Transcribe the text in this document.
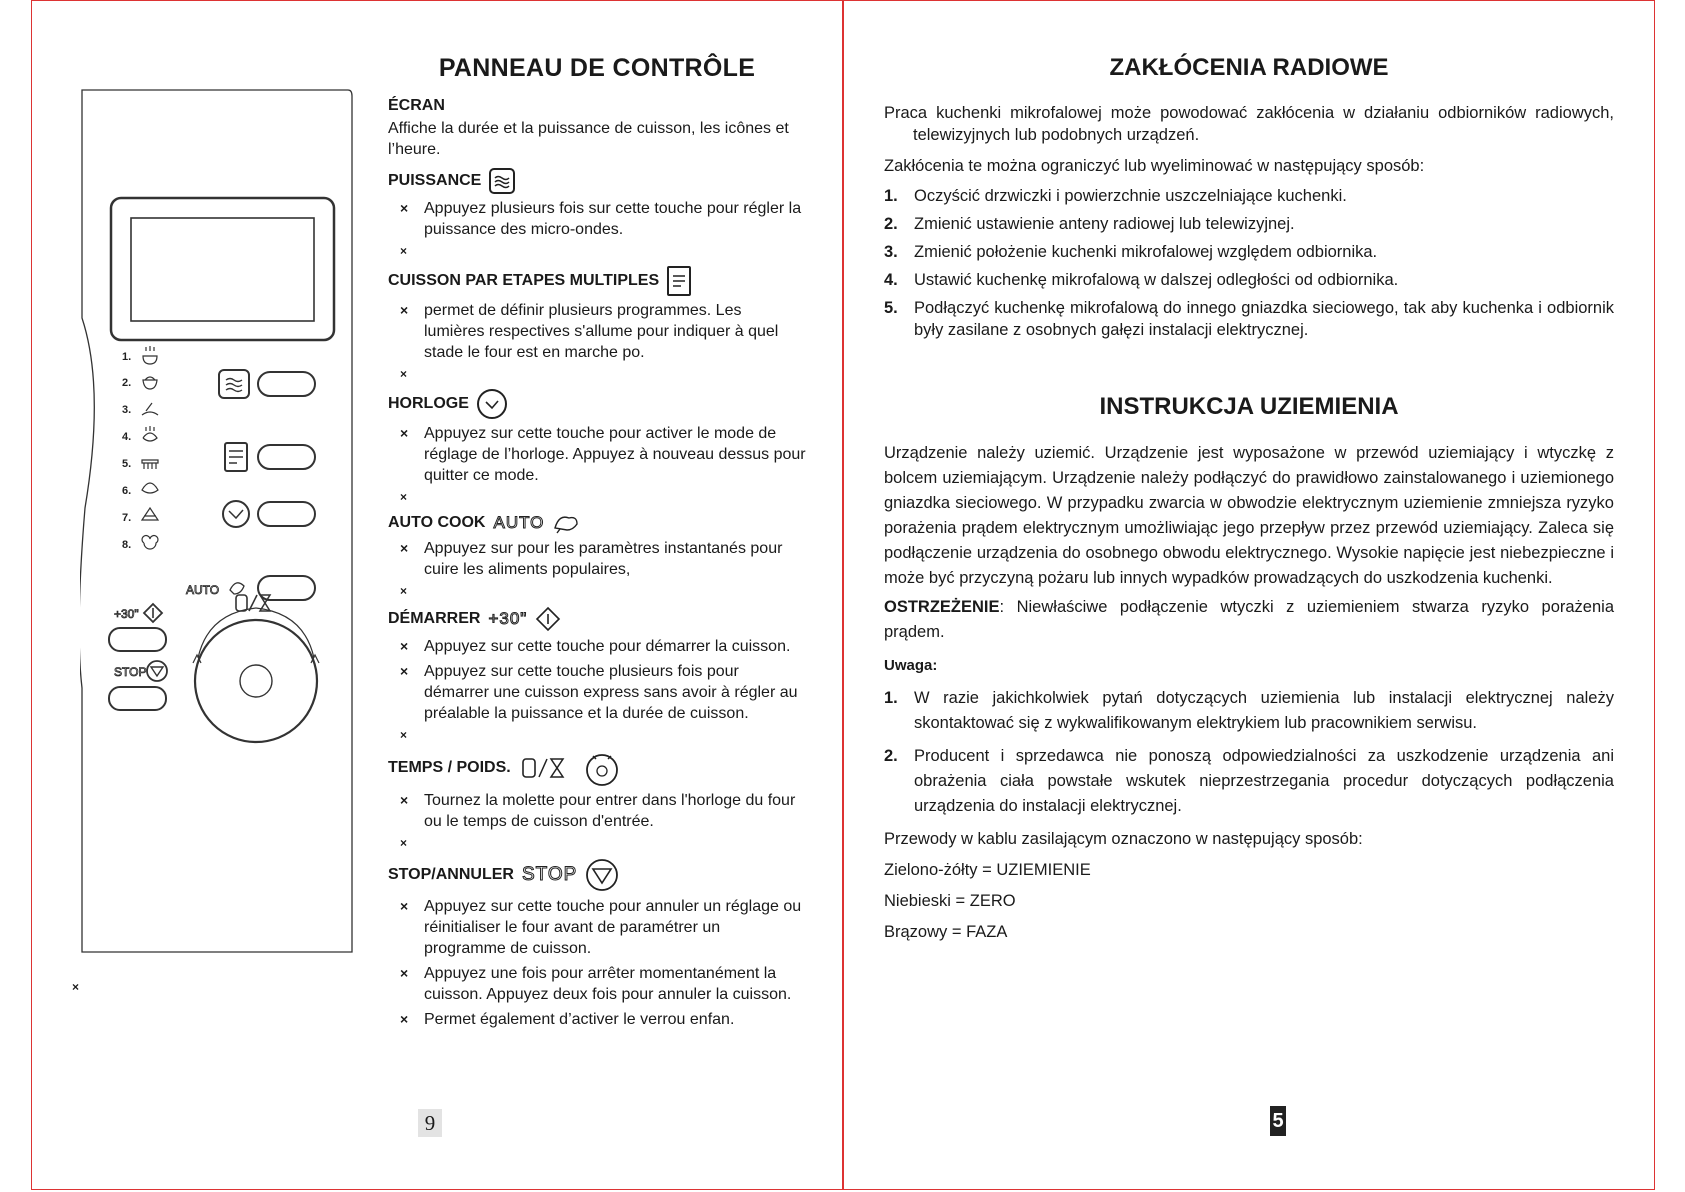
1.
2.
3.
4.
5.
6.
7.
8.
AUTO
+30"
STOP
×
PANNEAU DE CONTRÔLE
ÉCRAN
Affiche la durée et la puissance de cuisson, les icônes et l’heure.
PUISSANCE
× Appuyez plusieurs fois sur cette touche pour régler la puissance des micro-ondes.
×
CUISSON PAR ETAPES MULTIPLES
× permet de définir plusieurs programmes. Les lumières respectives s'allume pour indiquer à quel stade le four est en marche po.
×
HORLOGE
× Appuyez sur cette touche pour activer le mode de réglage de l’horloge. Appuyez à nouveau dessus pour quitter ce mode.
×
AUTO COOK AUTO
× Appuyez sur pour les paramètres instantanés pour cuire les aliments populaires,
×
DÉMARRER +30"
× Appuyez sur cette touche pour démarrer la cuisson.
× Appuyez sur cette touche plusieurs fois pour démarrer une cuisson express sans avoir à régler au préalable la puissance et la durée de cuisson.
×
TEMPS / POIDS.
× Tournez la molette pour entrer dans l'horloge du four ou le temps de cuisson d'entrée.
×
STOP/ANNULER STOP
× Appuyez sur cette touche pour annuler un réglage ou réinitialiser le four avant de paramétrer un programme de cuisson.
× Appuyez une fois pour arrêter momentanément la cuisson. Appuyez deux fois pour annuler la cuisson.
× Permet également d’activer le verrou enfan.
9
ZAKŁÓCENIA RADIOWE

Praca kuchenki mikrofalowej może powodować zakłócenia w działaniu odbiorników radiowych, telewizyjnych lub podobnych urządzeń.

Zakłócenia te można ograniczyć lub wyeliminować w następujący sposób:

1. Oczyścić drzwiczki i powierzchnie uszczelniające kuchenki.
2. Zmienić ustawienie anteny radiowej lub telewizyjnej.
3. Zmienić położenie kuchenki mikrofalowej względem odbiornika.
4. Ustawić kuchenkę mikrofalową w dalszej odległości od odbiornika.
5. Podłączyć kuchenkę mikrofalową do innego gniazdka sieciowego, tak aby kuchenka i odbiornik były zasilane z osobnych gałęzi instalacji elektrycznej.
INSTRUKCJA UZIEMIENIA

Urządzenie należy uziemić. Urządzenie jest wyposażone w przewód uziemiający i wtyczkę z bolcem uziemiającym. Urządzenie należy podłączyć do prawidłowo zainstalowanego i uziemionego gniazdka sieciowego. W przypadku zwarcia w obwodzie elektrycznym uziemienie zmniejsza ryzyko porażenia prądem elektrycznym umożliwiając jego przepływ przez przewód uziemiający. Zaleca się podłączenie urządzenia do osobnego obwodu elektrycznego. Wysokie napięcie jest niebezpieczne i może być przyczyną pożaru lub innych wypadków prowadzących do uszkodzenia kuchenki.

OSTRZEŻENIE: Niewłaściwe podłączenie wtyczki z uziemieniem stwarza ryzyko porażenia prądem.

Uwaga:

1. W razie jakichkolwiek pytań dotyczących uziemienia lub instalacji elektrycznej należy skontaktować się z wykwalifikowanym elektrykiem lub pracownikiem serwisu.
2. Producent i sprzedawca nie ponoszą odpowiedzialności za uszkodzenie urządzenia ani obrażenia ciała powstałe wskutek nieprzestrzegania procedur dotyczących podłączenia urządzenia do instalacji elektrycznej.

Przewody w kablu zasilającym oznaczono w następujący sposób:

Zielono-żółty = UZIEMIENIE

Niebieski = ZERO

Brązowy = FAZA

5
